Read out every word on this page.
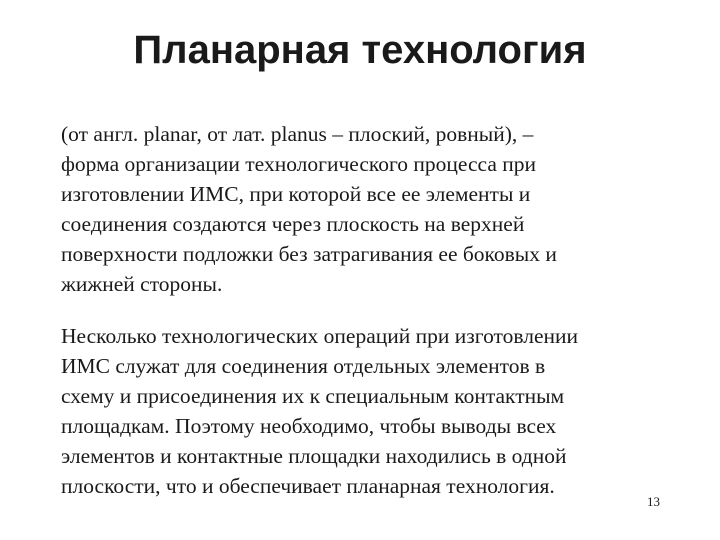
Планарная технология
(от англ. planar, от лат. planus – плоский, ровный), –
форма организации технологического процесса при
изготовлении ИМС, при которой все ее элементы и
соединения создаются через плоскость на верхней
поверхности подложки без затрагивания ее боковых и
жижней стороны.
Несколько технологических операций при изготовлении
ИМС служат для соединения отдельных элементов в
схему и присоединения их к специальным контактным
площадкам. Поэтому необходимо, чтобы выводы всех
элементов и контактные площадки находились в одной
плоскости, что и обеспечивает планарная технология.
13
